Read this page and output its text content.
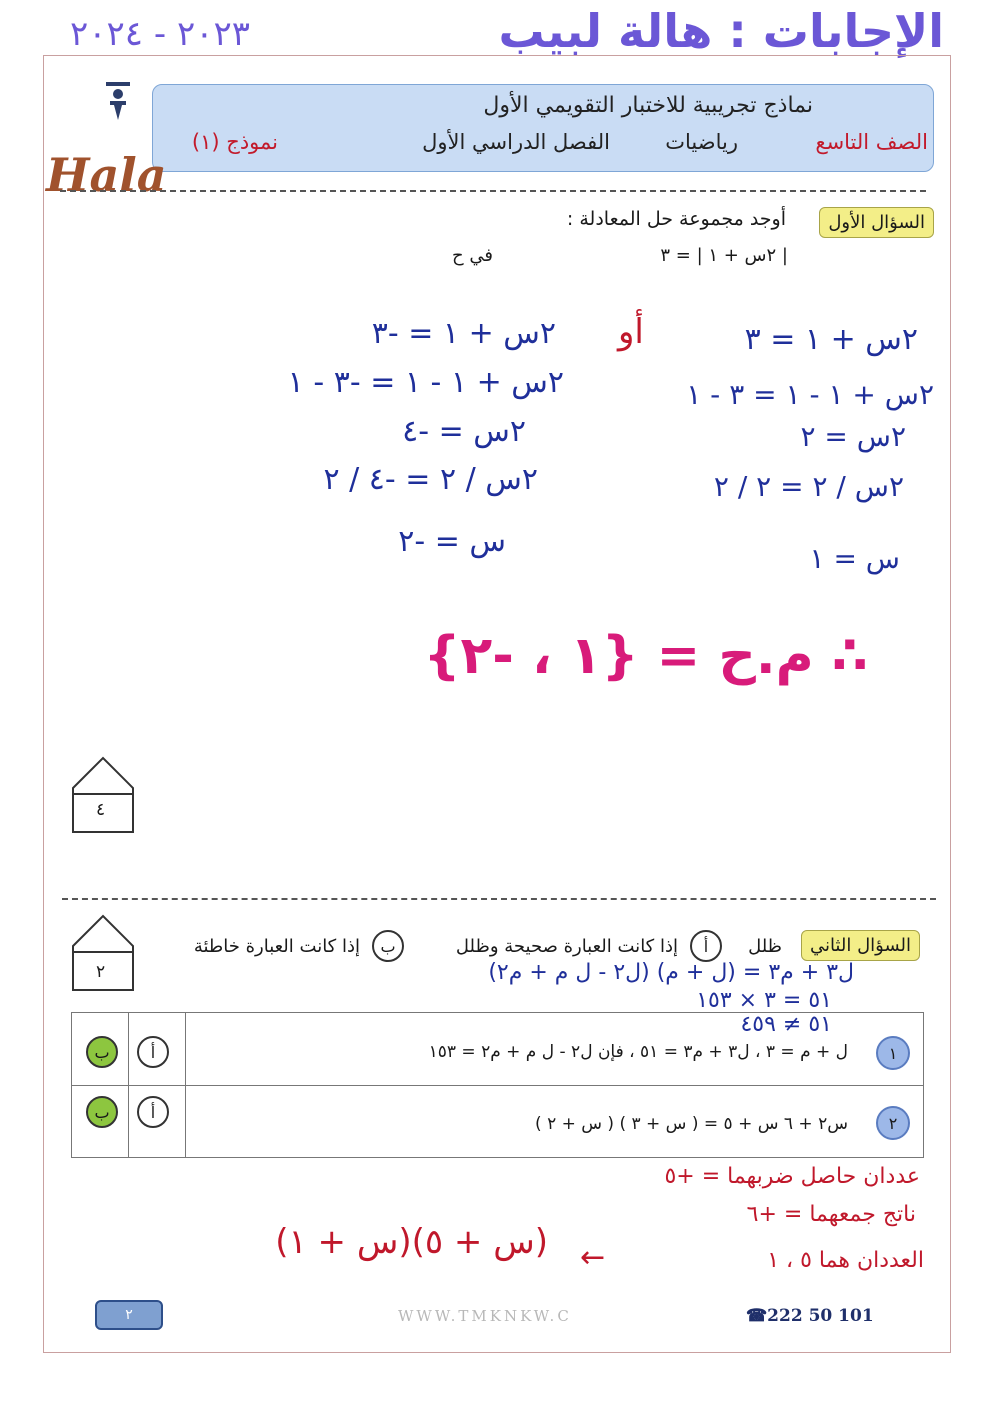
٢٠٢٣ - ٢٠٢٤	الإجابات : هالة لبيب
نماذج تجريبية للاختبار التقويمي الأول
الصف التاسع
رياضيات
الفصل الدراسي الأول
نموذج (١)
Hala
السؤال الأول
أوجد مجموعة حل المعادلة :
| ٢س + ١ | = ٣
في ح
٢س + ١ = -٣
٢س + ١ - ١ = -٣ - ١
٢س = -٤
٢س / ٢ = -٤ / ٢
س = -٢
أو	٢س + ١ = ٣
٢س + ١ - ١ = ٣ - ١
٢س = ٢
٢س / ٢ = ٢ / ٢
س = ١
∴ م.ح = {١ ، -٢}
٤
السؤال الثاني
ظلل
أ
إذا كانت العبارة صحيحة وظلل
ب
إذا كانت العبارة خاطئة
٢	ل٣ + م٣ = (ل + م) (ل٢ - ل م + م٢)
٥١ = ٣ × ١٥٣
٥١ ≠ ٤٥٩
١
ل + م = ٣ ، ل٣ + م٣ = ٥١ ، فإن ل٢ - ل م + م٢ = ١٥٣
أ
ب
٢
س٢ + ٦ س + ٥ = ( س + ٣ ) ( س + ٢ )
أ
ب
عددان حاصل ضربهما = +٥
ناتج جمعهما = +٦
العددان هما ٥ ، ١
←
(س + ٥)(س + ١)
٢	WWW.TMKNKW.C	☎222 50 101
